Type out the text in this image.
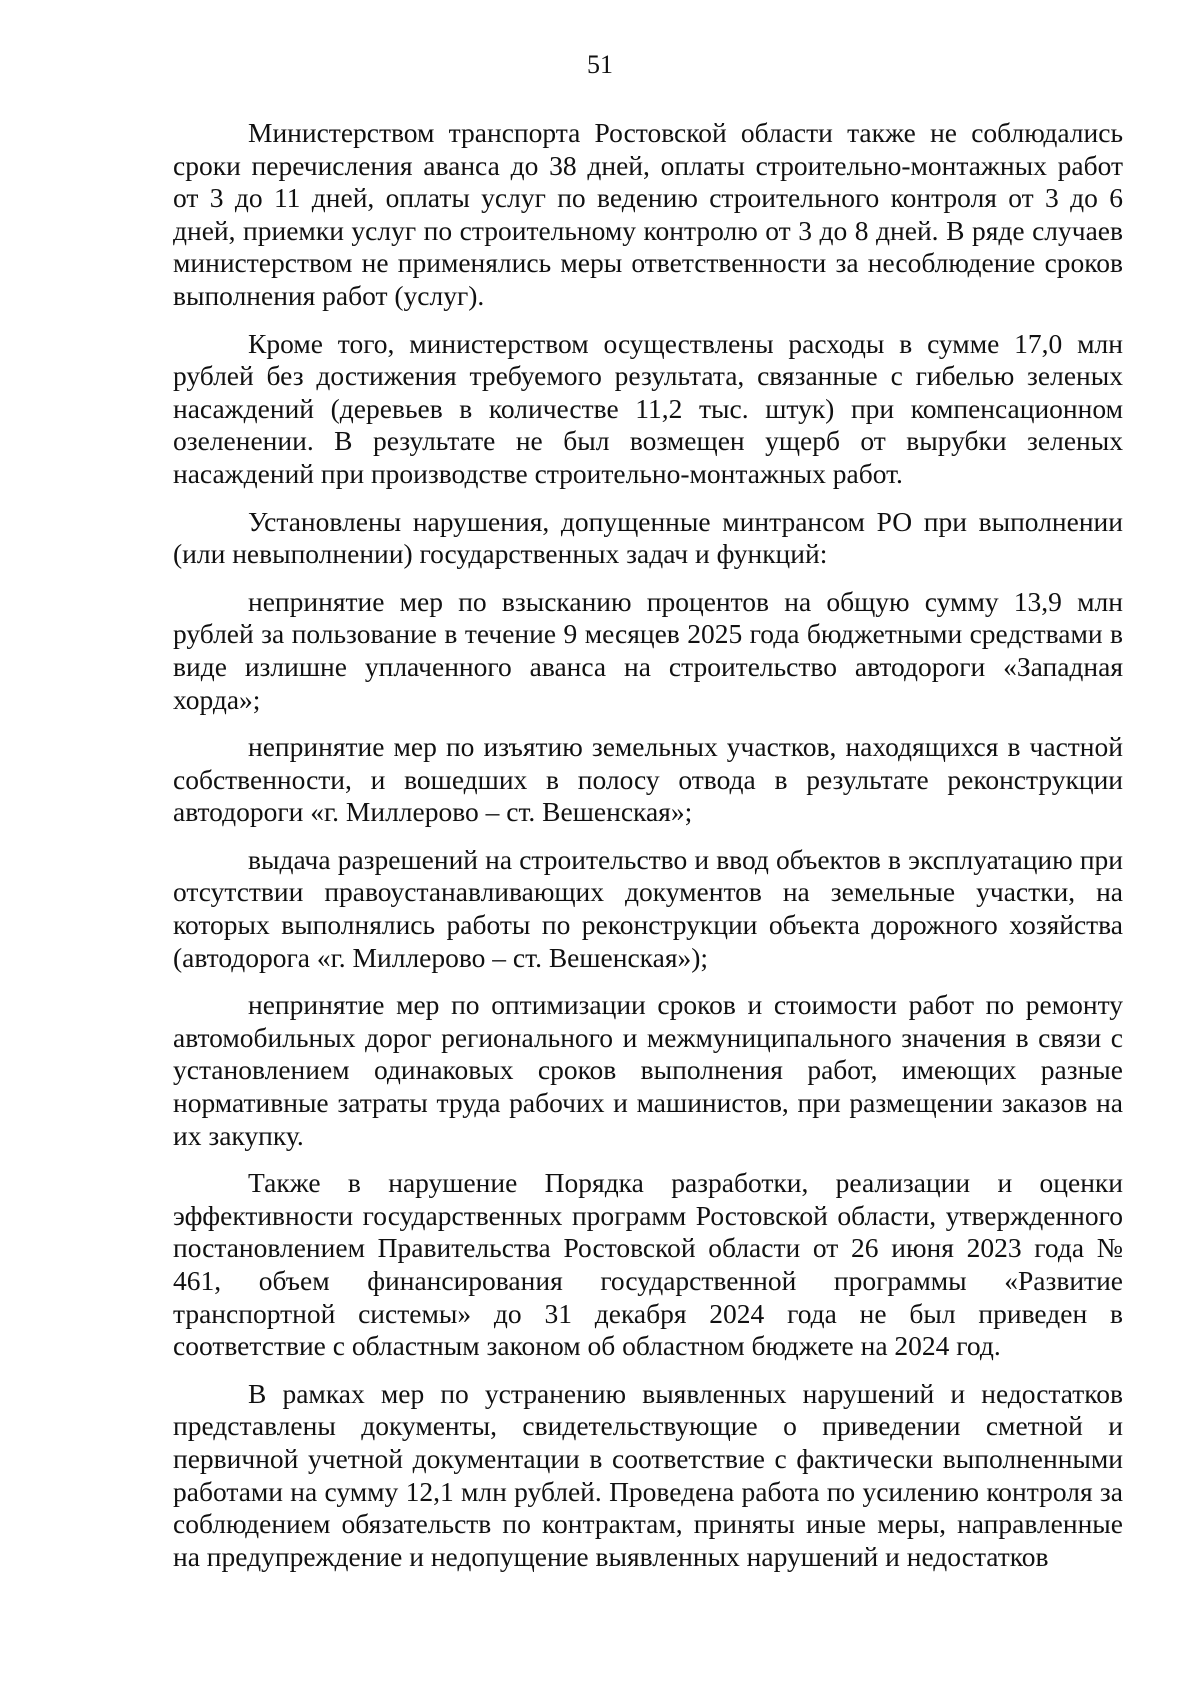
51

Министерством транспорта Ростовской области также не соблюдались сроки перечисления аванса до 38 дней, оплаты строительно-монтажных работ от 3 до 11 дней, оплаты услуг по ведению строительного контроля от 3 до 6 дней, приемки услуг по строительному контролю от 3 до 8 дней. В ряде случаев министерством не применялись меры ответственности за несоблюдение сроков выполнения работ (услуг).

Кроме того, министерством осуществлены расходы в сумме 17,0 млн рублей без достижения требуемого результата, связанные с гибелью зеленых насаждений (деревьев в количестве 11,2 тыс. штук) при компенсационном озеленении. В результате не был возмещен ущерб от вырубки зеленых насаждений при производстве строительно-монтажных работ.

Установлены нарушения, допущенные минтрансом РО при выполнении (или невыполнении) государственных задач и функций:

непринятие мер по взысканию процентов на общую сумму 13,9 млн рублей за пользование в течение 9 месяцев 2025 года бюджетными средствами в виде излишне уплаченного аванса на строительство автодороги «Западная хорда»;

непринятие мер по изъятию земельных участков, находящихся в частной собственности, и вошедших в полосу отвода в результате реконструкции автодороги «г. Миллерово – ст. Вешенская»;

выдача разрешений на строительство и ввод объектов в эксплуатацию при отсутствии правоустанавливающих документов на земельные участки, на которых выполнялись работы по реконструкции объекта дорожного хозяйства (автодорога «г. Миллерово – ст. Вешенская»);

непринятие мер по оптимизации сроков и стоимости работ по ремонту автомобильных дорог регионального и межмуниципального значения в связи с установлением одинаковых сроков выполнения работ, имеющих разные нормативные затраты труда рабочих и машинистов, при размещении заказов на их закупку.

Также в нарушение Порядка разработки, реализации и оценки эффективности государственных программ Ростовской области, утвержденного постановлением Правительства Ростовской области от 26 июня 2023 года № 461, объем финансирования государственной программы «Развитие транспортной системы» до 31 декабря 2024 года не был приведен в соответствие с областным законом об областном бюджете на 2024 год.

В рамках мер по устранению выявленных нарушений и недостатков представлены документы, свидетельствующие о приведении сметной и первичной учетной документации в соответствие с фактически выполненными работами на сумму 12,1 млн рублей. Проведена работа по усилению контроля за соблюдением обязательств по контрактам, приняты иные меры, направленные на предупреждение и недопущение выявленных нарушений и недостатков
